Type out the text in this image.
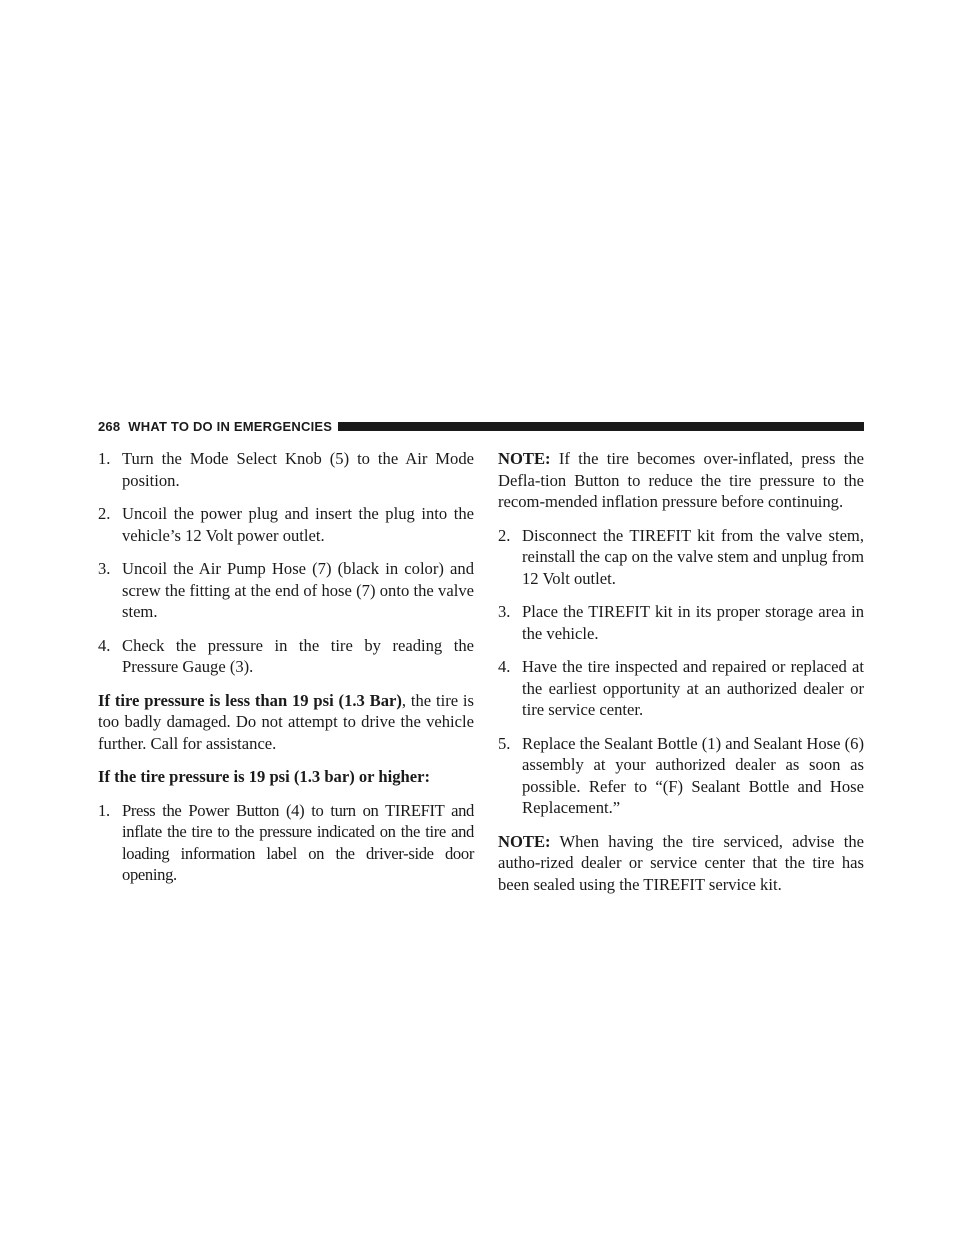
268 WHAT TO DO IN EMERGENCIES

1. Turn the Mode Select Knob (5) to the Air Mode position.

2. Uncoil the power plug and insert the plug into the vehicle’s 12 Volt power outlet.

3. Uncoil the Air Pump Hose (7) (black in color) and screw the fitting at the end of hose (7) onto the valve stem.

4. Check the pressure in the tire by reading the Pressure Gauge (3).

If tire pressure is less than 19 psi (1.3 Bar), the tire is too badly damaged. Do not attempt to drive the vehicle further. Call for assistance.

If the tire pressure is 19 psi (1.3 bar) or higher:

1. Press the Power Button (4) to turn on TIREFIT and inflate the tire to the pressure indicated on the tire and loading information label on the driver-side door opening.

NOTE: If the tire becomes over-inflated, press the Defla-tion Button to reduce the tire pressure to the recom-mended inflation pressure before continuing.

2. Disconnect the TIREFIT kit from the valve stem, reinstall the cap on the valve stem and unplug from 12 Volt outlet.

3. Place the TIREFIT kit in its proper storage area in the vehicle.

4. Have the tire inspected and repaired or replaced at the earliest opportunity at an authorized dealer or tire service center.

5. Replace the Sealant Bottle (1) and Sealant Hose (6) assembly at your authorized dealer as soon as possible. Refer to “(F) Sealant Bottle and Hose Replacement.”

NOTE: When having the tire serviced, advise the autho-rized dealer or service center that the tire has been sealed using the TIREFIT service kit.
